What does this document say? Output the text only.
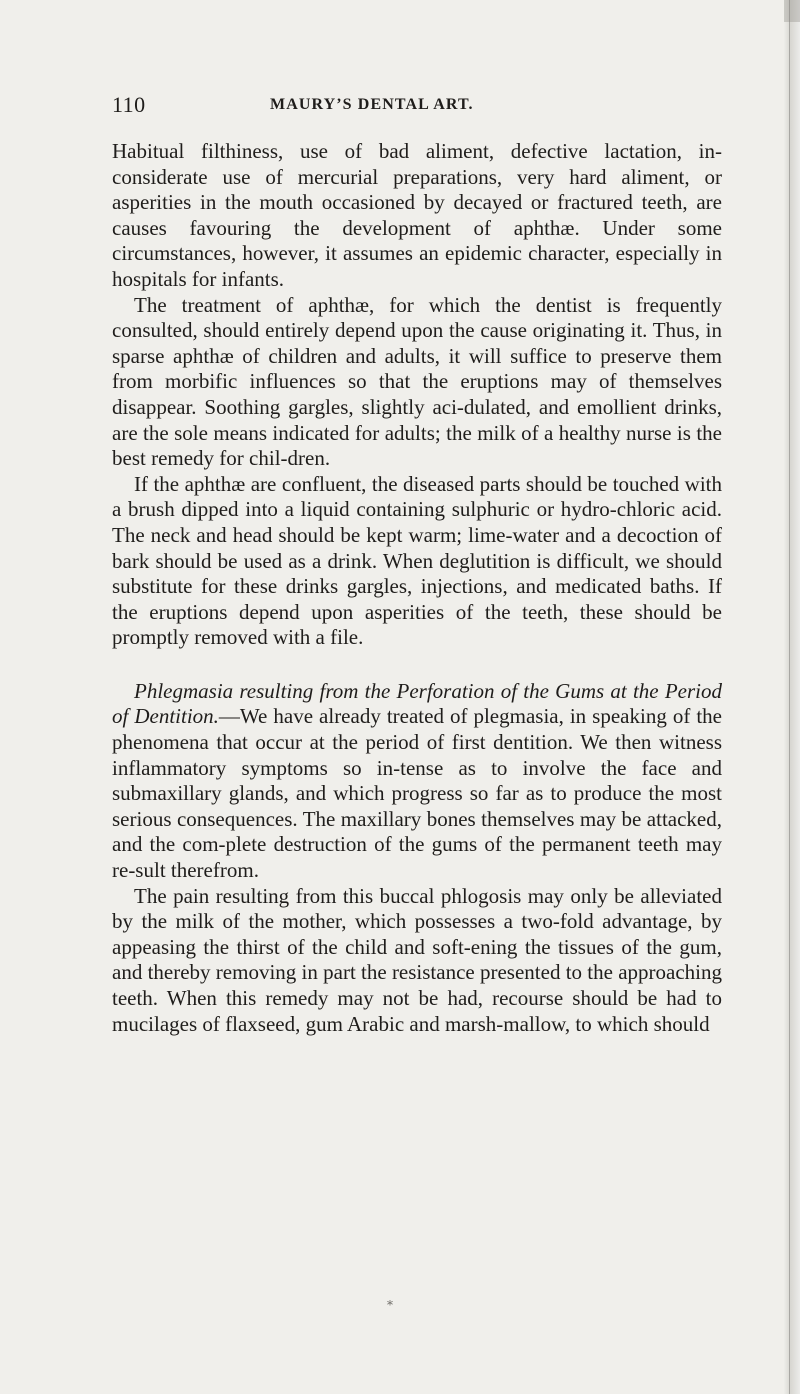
110	MAURY’S DENTAL ART.

Habitual filthiness, use of bad aliment, defective lactation, in-considerate use of mercurial preparations, very hard aliment, or asperities in the mouth occasioned by decayed or fractured teeth, are causes favouring the development of aphthæ. Under some circumstances, however, it assumes an epidemic character, especially in hospitals for infants.

The treatment of aphthæ, for which the dentist is frequently consulted, should entirely depend upon the cause originating it. Thus, in sparse aphthæ of children and adults, it will suffice to preserve them from morbific influences so that the eruptions may of themselves disappear. Soothing gargles, slightly aci-dulated, and emollient drinks, are the sole means indicated for adults; the milk of a healthy nurse is the best remedy for chil-dren.

If the aphthæ are confluent, the diseased parts should be touched with a brush dipped into a liquid containing sulphuric or hydro-chloric acid. The neck and head should be kept warm; lime-water and a decoction of bark should be used as a drink. When deglutition is difficult, we should substitute for these drinks gargles, injections, and medicated baths. If the eruptions depend upon asperities of the teeth, these should be promptly removed with a file.

Phlegmasia resulting from the Perforation of the Gums at the Period of Dentition.—We have already treated of plegmasia, in speaking of the phenomena that occur at the period of first dentition. We then witness inflammatory symptoms so in-tense as to involve the face and submaxillary glands, and which progress so far as to produce the most serious consequences. The maxillary bones themselves may be attacked, and the com-plete destruction of the gums of the permanent teeth may re-sult therefrom.

The pain resulting from this buccal phlogosis may only be alleviated by the milk of the mother, which possesses a two-fold advantage, by appeasing the thirst of the child and soft-ening the tissues of the gum, and thereby removing in part the resistance presented to the approaching teeth. When this remedy may not be had, recourse should be had to mucilages of flaxseed, gum Arabic and marsh-mallow, to which should

*
